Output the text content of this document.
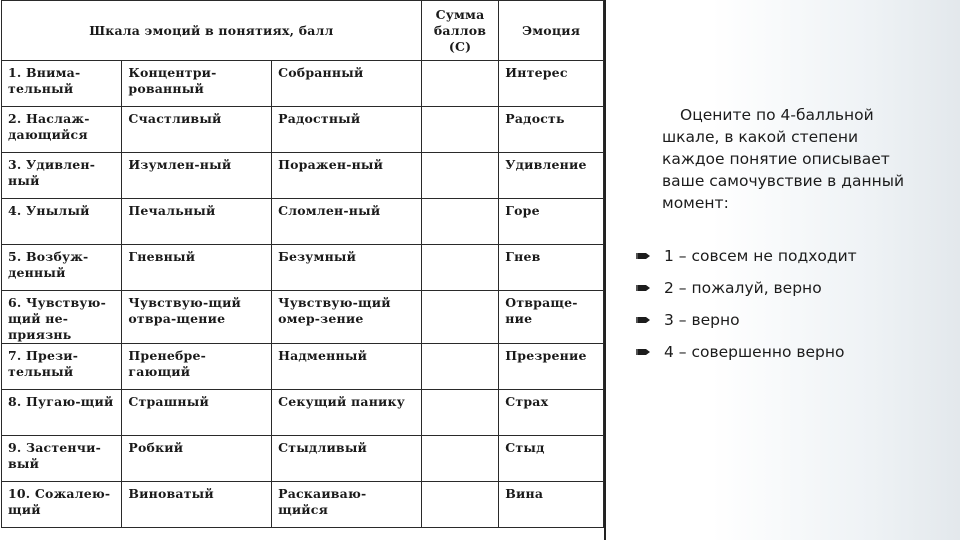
Шкала эмоций в понятиях, балл			Сумма баллов (С)	Эмоция
1. Внима-тельный	Концентри-рованный	Собранный		Интерес
2. Наслаж-дающийся	Счастливый	Радостный		Радость
3. Удивлен-ный	Изумлен-ный	Поражен-ный		Удивление
4. Унылый	Печальный	Сломлен-ный		Горе
5. Возбуж-денный	Гневный	Безумный		Гнев
6. Чувствую-щий не-приязнь	Чувствую-щий отвра-щение	Чувствую-щий омер-зение		Отвраще-ние
7. Прези-тельный	Пренебре-гающий	Надменный		Презрение
8. Пугаю-щий	Страшный	Секущий панику		Страх
9. Застенчи-вый	Робкий	Стыдливый		Стыд
10. Сожалею-щий	Виноватый	Раскаиваю-щийся		Вина

Оцените по 4-балльной шкале, в какой степени каждое понятие описывает ваше самочувствие в данный момент:

1 – совсем не подходит
2 – пожалуй, верно
3 – верно
4 – совершенно верно
